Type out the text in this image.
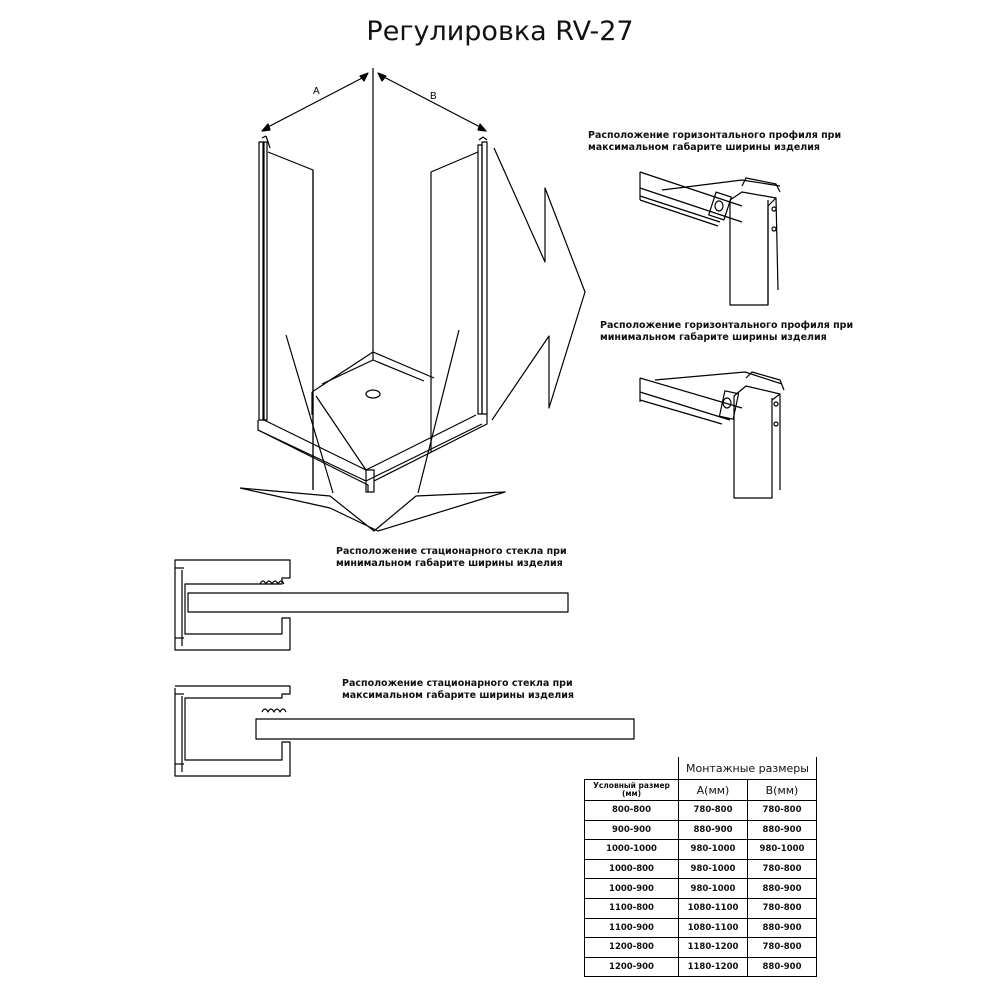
Регулировка RV-27
A	B
Расположение горизонтального профиля при
максимальном габарите ширины изделия
Расположение горизонтального профиля при
минимальном габарите ширины изделия
Расположение стационарного стекла при
минимальном габарите ширины изделия
Расположение стационарного стекла при
максимальном габарите ширины изделия
	Монтажные размеры	
Условный размер (мм)	А(мм)	В(мм)
800-800	780-800	780-800
900-900	880-900	880-900
1000-1000	980-1000	980-1000
1000-800	980-1000	780-800
1000-900	980-1000	880-900
1100-800	1080-1100	780-800
1100-900	1080-1100	880-900
1200-800	1180-1200	780-800
1200-900	1180-1200	880-900
